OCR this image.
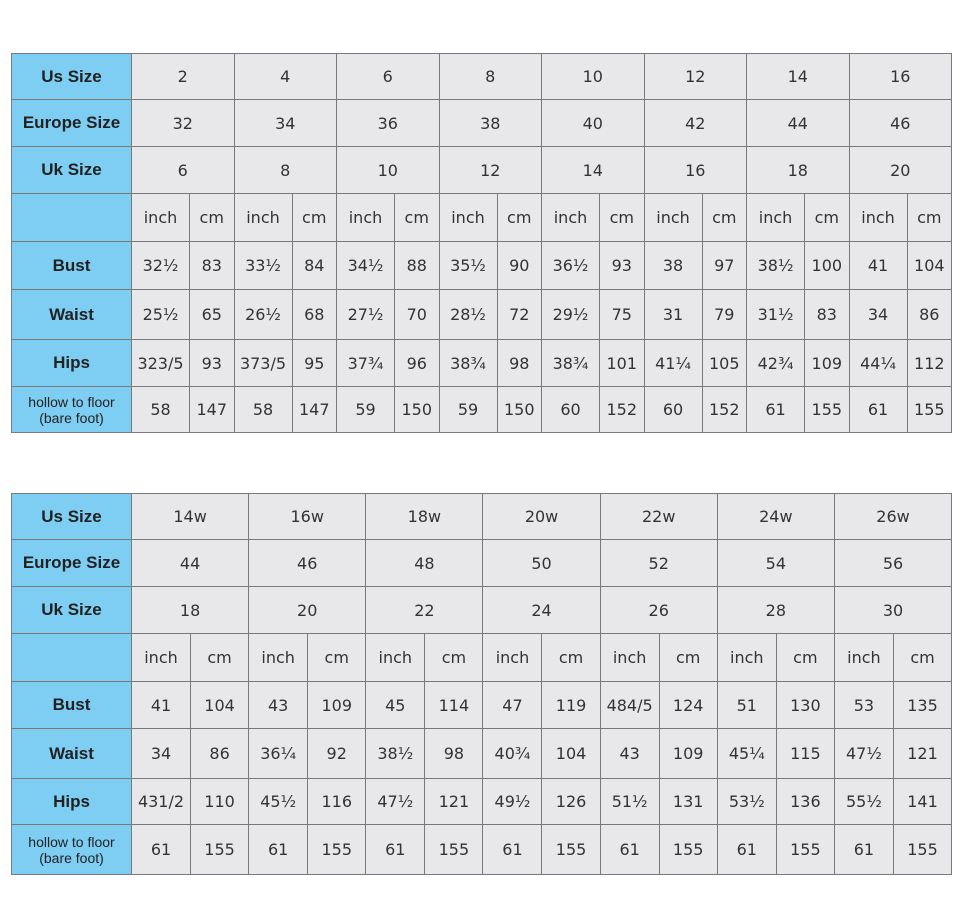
Us Size	2		4		6		8		10		12		14		16	
Europe Size	32		34		36		38		40		42		44		46	
Uk Size	6		8		10		12		14		16		18		20	
	inch	cm	inch	cm	inch	cm	inch	cm	inch	cm	inch	cm	inch	cm	inch	cm
Bust	32½	83	33½	84	34½	88	35½	90	36½	93	38	97	38½	100	41	104
Waist	25½	65	26½	68	27½	70	28½	72	29½	75	31	79	31½	83	34	86
Hips	323/5	93	373/5	95	37¾	96	38¾	98	38¾	101	41¼	105	42¾	109	44¼	112
hollow to floor
(bare foot)	58	147	58	147	59	150	59	150	60	152	60	152	61	155	61	155
Us Size	14w		16w		18w		20w		22w		24w		26w	
Europe Size	44		46		48		50		52		54		56	
Uk Size	18		20		22		24		26		28		30	
	inch	cm	inch	cm	inch	cm	inch	cm	inch	cm	inch	cm	inch	cm
Bust	41	104	43	109	45	114	47	119	484/5	124	51	130	53	135
Waist	34	86	36¼	92	38½	98	40¾	104	43	109	45¼	115	47½	121
Hips	431/2	110	45½	116	47½	121	49½	126	51½	131	53½	136	55½	141
hollow to floor
(bare foot)	61	155	61	155	61	155	61	155	61	155	61	155	61	155
